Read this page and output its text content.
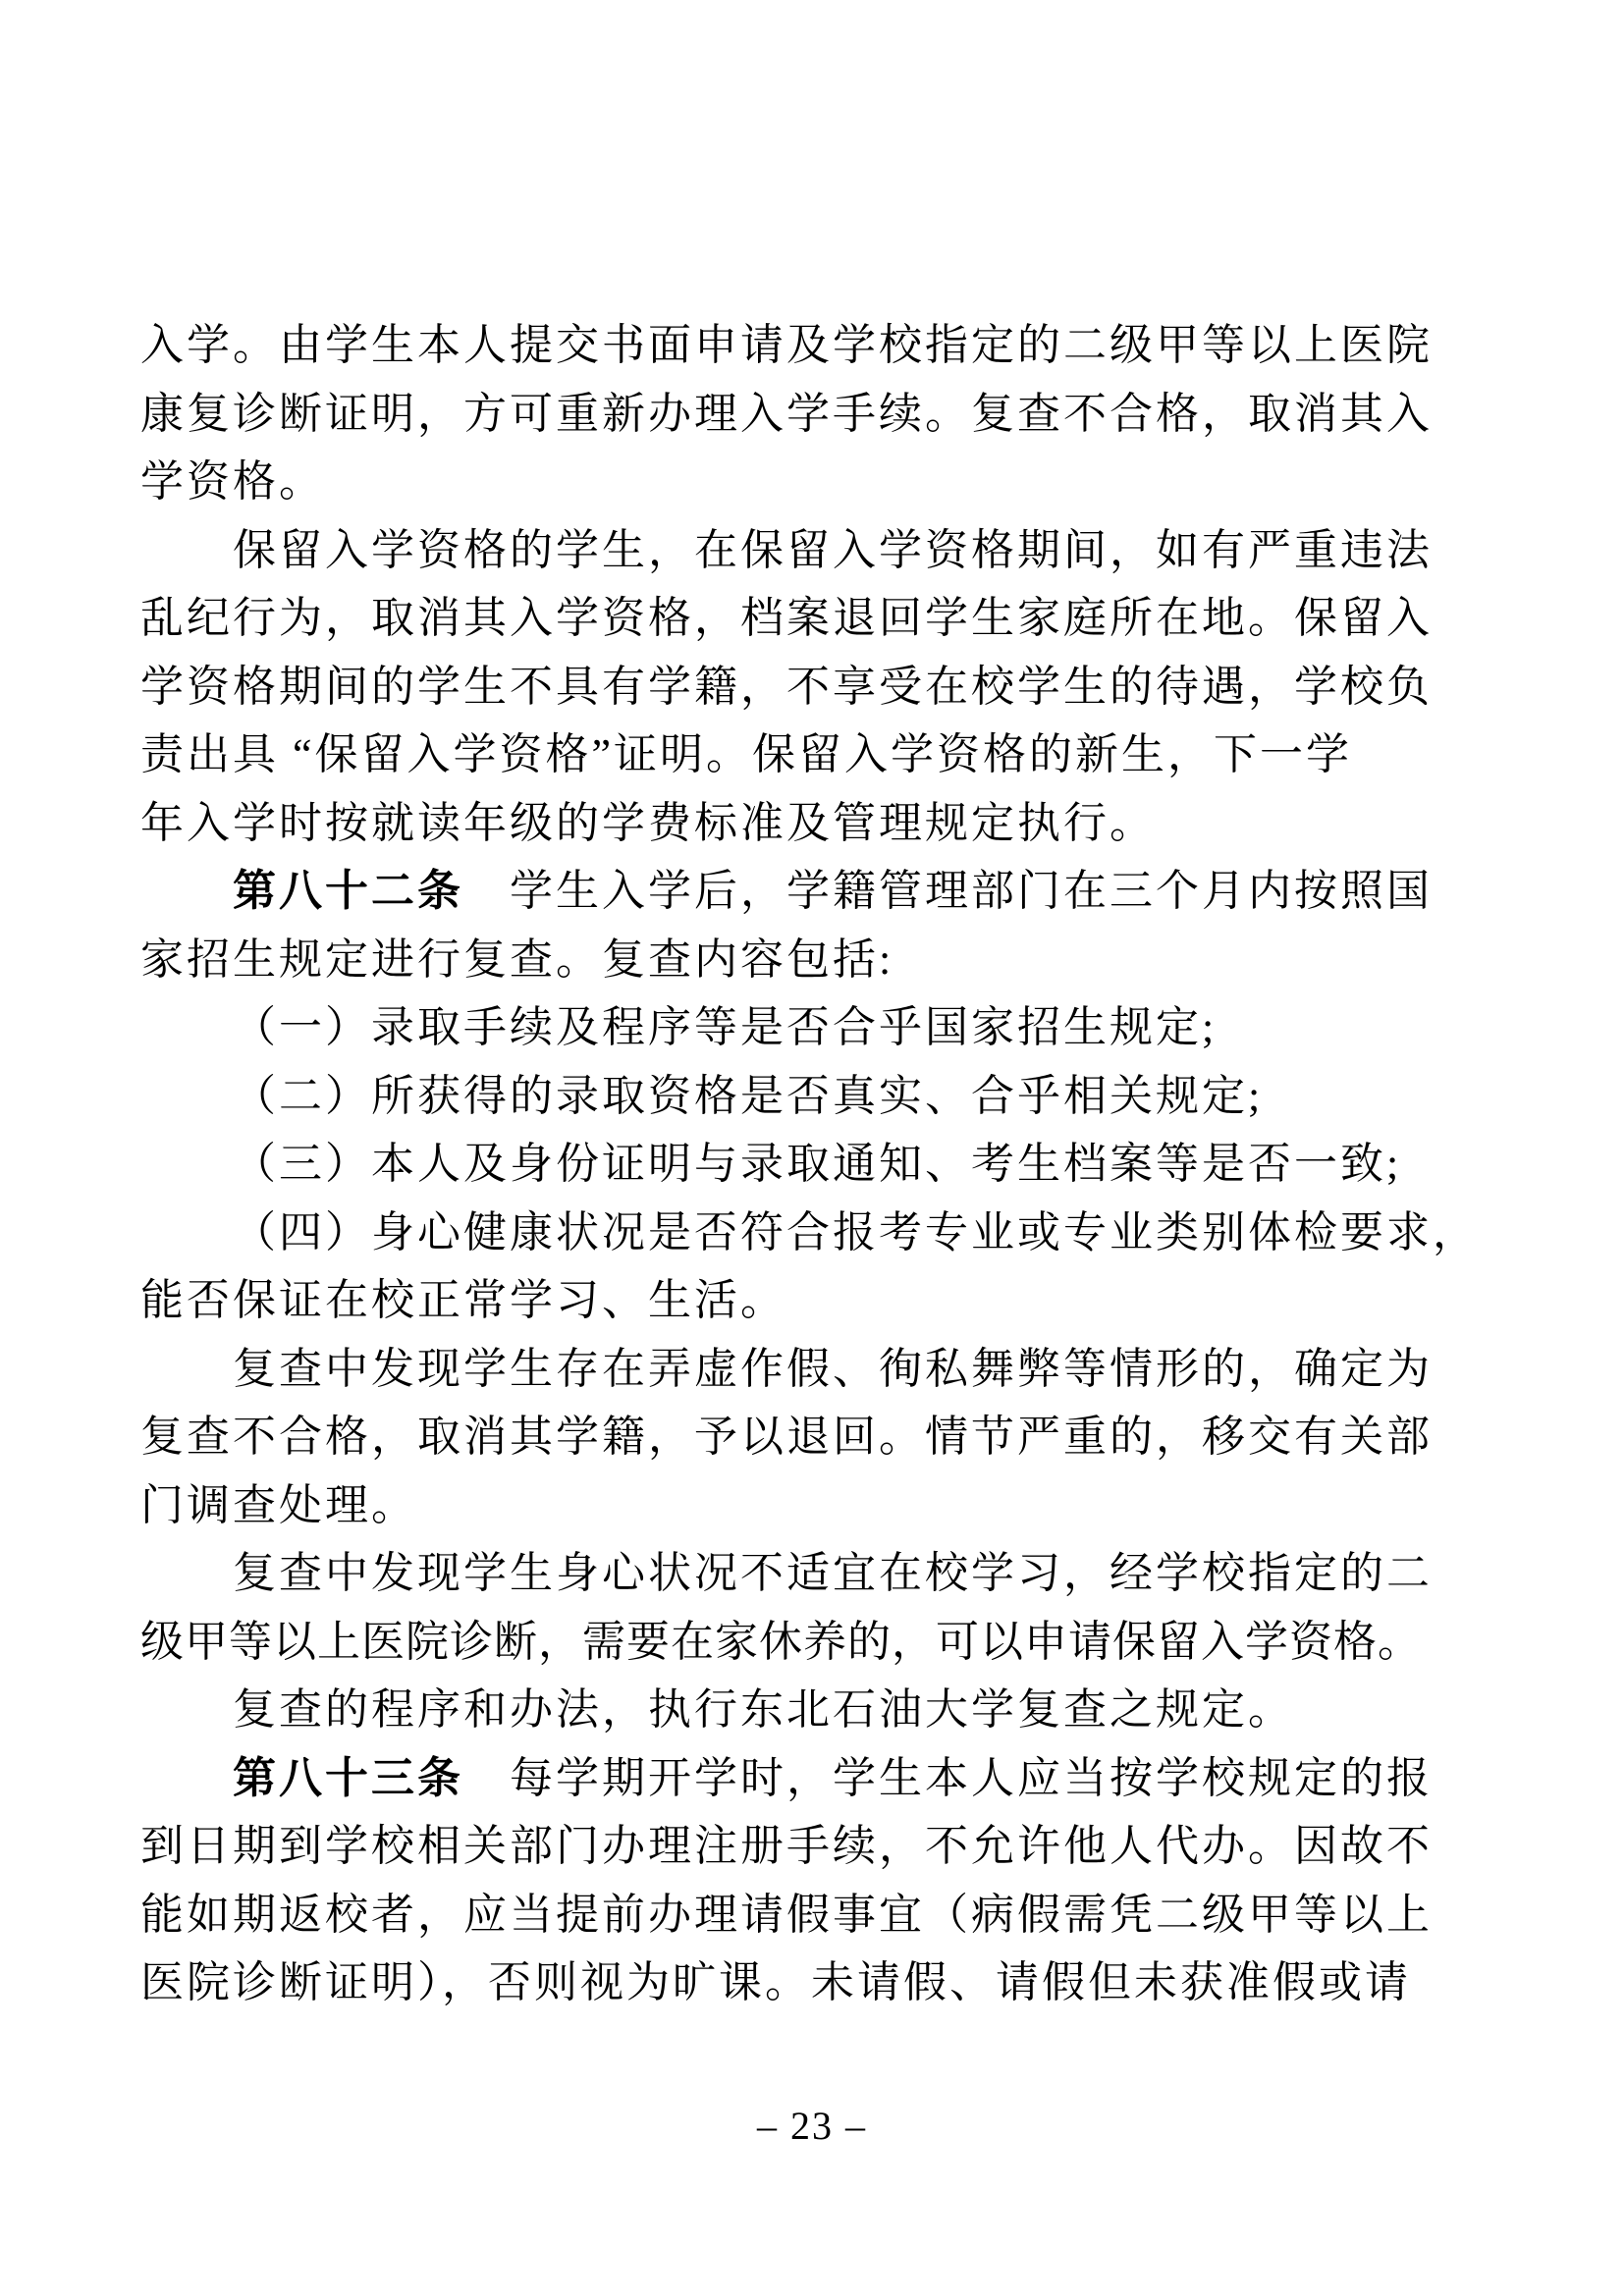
入学。由学生本人提交书面申请及学校指定的二级甲等以上医院
康复诊断证明，方可重新办理入学手续。复查不合格，取消其入
学资格。
保留入学资格的学生，在保留入学资格期间，如有严重违法
乱纪行为，取消其入学资格，档案退回学生家庭所在地。保留入
学资格期间的学生不具有学籍，不享受在校学生的待遇，学校负
责出具 “保留入学资格”证明。保留入学资格的新生，下一学
年入学时按就读年级的学费标准及管理规定执行。
第八十二条　学生入学后，学籍管理部门在三个月内按照国
家招生规定进行复查。复查内容包括:
（一）录取手续及程序等是否合乎国家招生规定;
（二）所获得的录取资格是否真实、合乎相关规定;
（三）本人及身份证明与录取通知、考生档案等是否一致;
（四）身心健康状况是否符合报考专业或专业类别体检要求，
能否保证在校正常学习、生活。
复查中发现学生存在弄虚作假、徇私舞弊等情形的，确定为
复查不合格，取消其学籍，予以退回。情节严重的，移交有关部
门调查处理。
复查中发现学生身心状况不适宜在校学习，经学校指定的二
级甲等以上医院诊断，需要在家休养的，可以申请保留入学资格。
复查的程序和办法，执行东北石油大学复查之规定。
第八十三条　每学期开学时，学生本人应当按学校规定的报
到日期到学校相关部门办理注册手续，不允许他人代办。因故不
能如期返校者，应当提前办理请假事宜（病假需凭二级甲等以上
医院诊断证明），否则视为旷课。未请假、请假但未获准假或请
– 23 –
